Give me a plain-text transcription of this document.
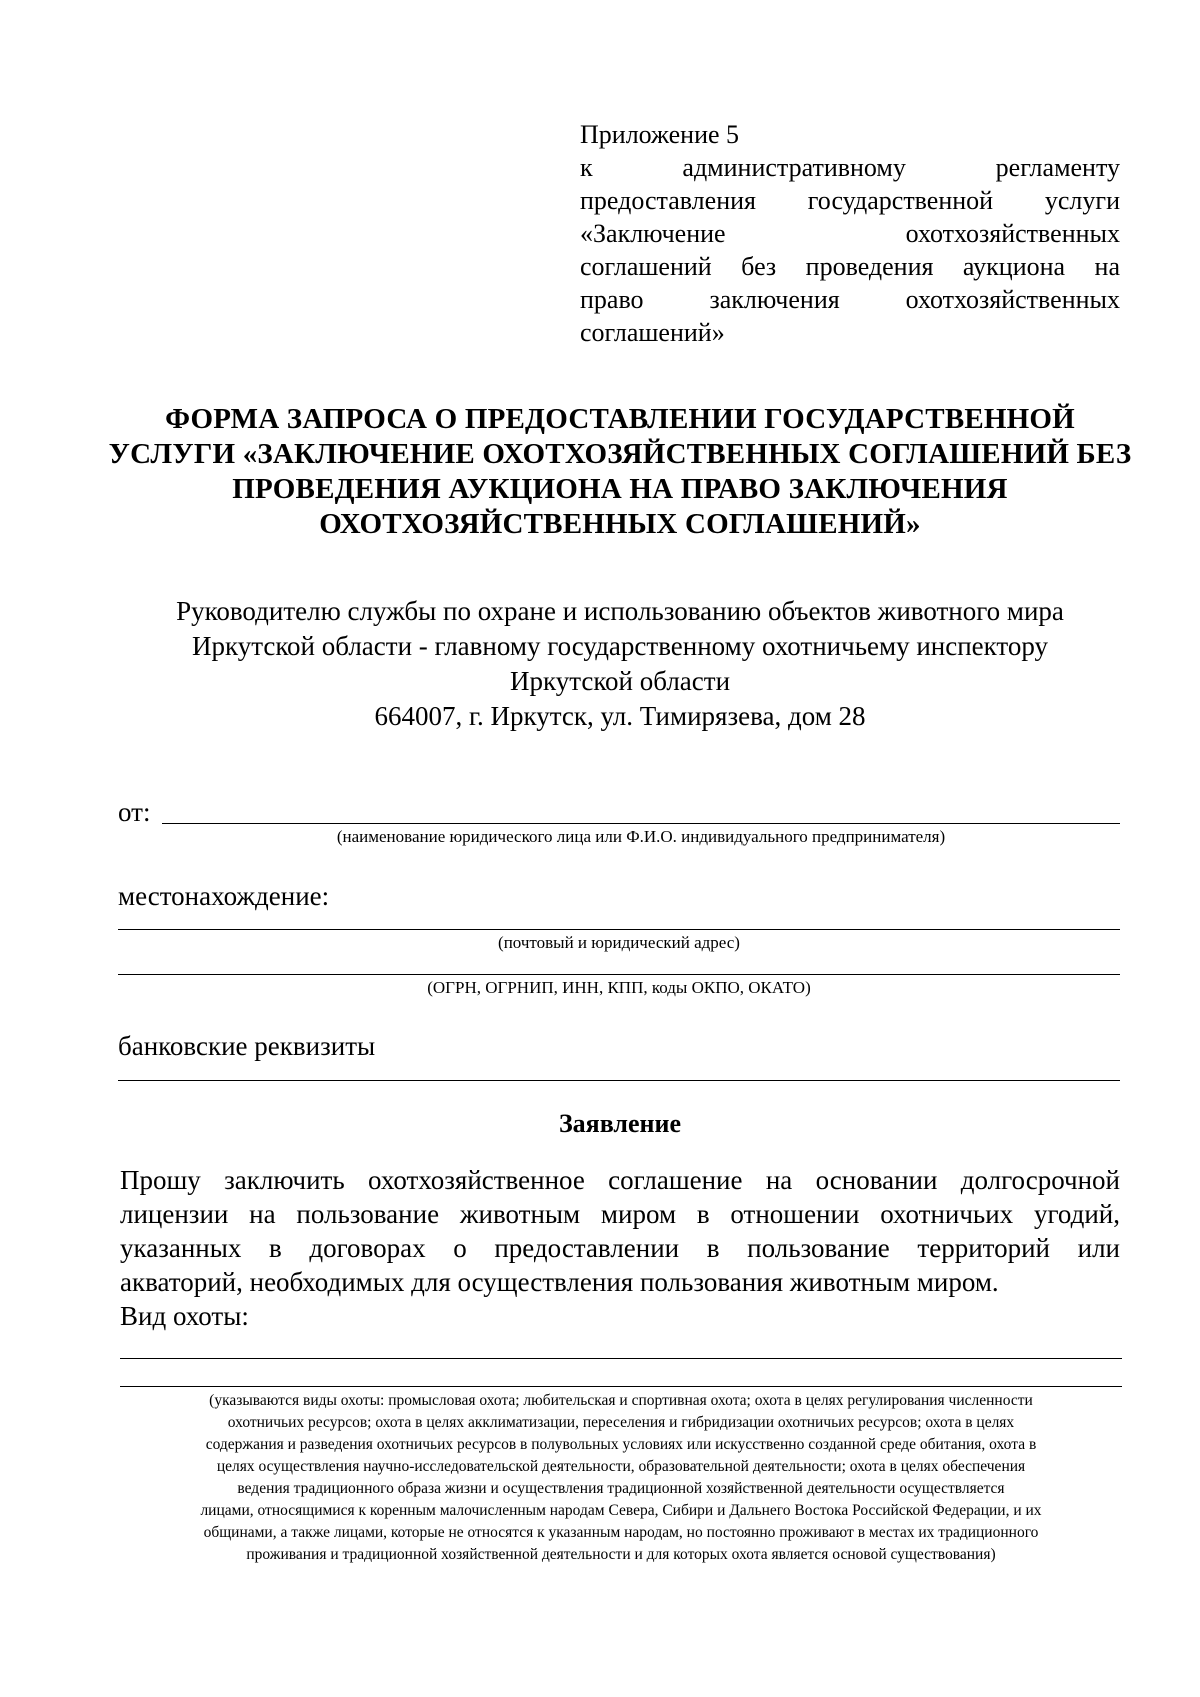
Приложение 5
к административному регламенту
предоставления государственной услуги
«Заключение охотхозяйственных
соглашений без проведения аукциона на
право заключения охотхозяйственных
соглашений»
ФОРМА ЗАПРОСА О ПРЕДОСТАВЛЕНИИ ГОСУДАРСТВЕННОЙ
УСЛУГИ «ЗАКЛЮЧЕНИЕ ОХОТХОЗЯЙСТВЕННЫХ СОГЛАШЕНИЙ БЕЗ
ПРОВЕДЕНИЯ АУКЦИОНА НА ПРАВО ЗАКЛЮЧЕНИЯ
ОХОТХОЗЯЙСТВЕННЫХ СОГЛАШЕНИЙ»
Руководителю службы по охране и использованию объектов животного мира
Иркутской области - главному государственному охотничьему инспектору
Иркутской области
664007, г. Иркутск, ул. Тимирязева, дом 28
от:
(наименование юридического лица или Ф.И.О. индивидуального предпринимателя)
местонахождение:
(почтовый и юридический адрес)
(ОГРН, ОГРНИП, ИНН, КПП, коды ОКПО, ОКАТО)
банковские реквизиты
Заявление
Прошу заключить охотхозяйственное соглашение на основании долгосрочной
лицензии на пользование животным миром в отношении охотничьих угодий,
указанных в договорах о предоставлении в пользование территорий или
акваторий, необходимых для осуществления пользования животным миром.
Вид охоты:
(указываются виды охоты: промысловая охота; любительская и спортивная охота; охота в целях регулирования численности
охотничьих ресурсов; охота в целях акклиматизации, переселения и гибридизации охотничьих ресурсов; охота в целях
содержания и разведения охотничьих ресурсов в полувольных условиях или искусственно созданной среде обитания, охота в
целях осуществления научно-исследовательской деятельности, образовательной деятельности; охота в целях обеспечения
ведения традиционного образа жизни и осуществления традиционной хозяйственной деятельности осуществляется
лицами, относящимися к коренным малочисленным народам Севера, Сибири и Дальнего Востока Российской Федерации, и их
общинами, а также лицами, которые не относятся к указанным народам, но постоянно проживают в местах их традиционного
проживания и традиционной хозяйственной деятельности и для которых охота является основой существования)
